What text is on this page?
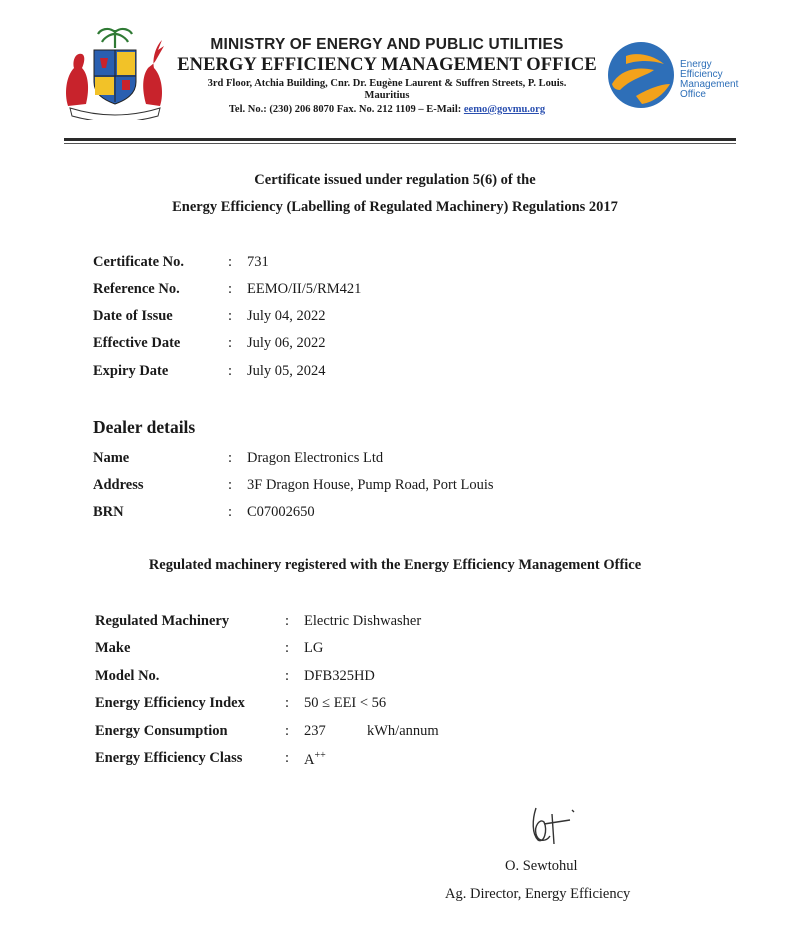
MINISTRY OF ENERGY AND PUBLIC UTILITIES
ENERGY EFFICIENCY MANAGEMENT OFFICE
3rd Floor, Atchia Building, Cnr. Dr. Eugène Laurent & Suffren Streets, P. Louis.
Mauritius
Tel. No.: (230) 206 8070 Fax. No. 212 1109 – E-Mail: eemo@govmu.org
Energy
Efficiency
Management
Office
Certificate issued under regulation 5(6) of the
Energy Efficiency (Labelling of Regulated Machinery) Regulations 2017
Certificate No.	: 731
Reference No.	: EEMO/II/5/RM421
Date of Issue	: July 04, 2022
Effective Date	: July 06, 2022
Expiry Date	: July 05, 2024
Dealer details
Name	: Dragon Electronics Ltd
Address	: 3F Dragon House, Pump Road, Port Louis
BRN	: C07002650
Regulated machinery registered with the Energy Efficiency Management Office
Regulated Machinery	: Electric Dishwasher
Make	: LG
Model No.	: DFB325HD
Energy Efficiency Index	: 50 ≤ EEI < 56
Energy Consumption	: 237	kWh/annum
Energy Efficiency Class	: A++
O. Sewtohul
Ag. Director, Energy Efficiency
